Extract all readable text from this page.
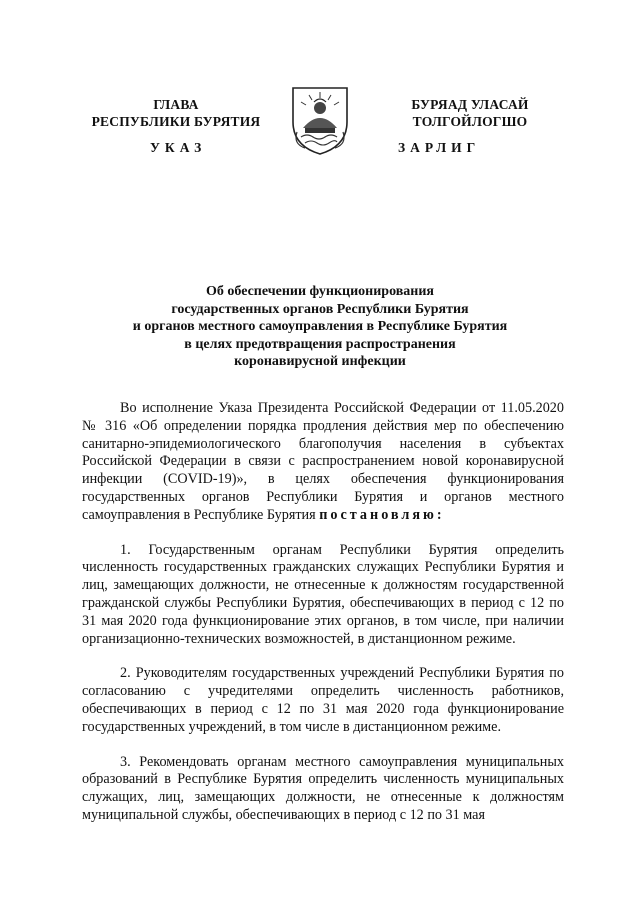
ГЛАВА
РЕСПУБЛИКИ БУРЯТИЯ
УКАЗ
БУРЯАД УЛАСАЙ
ТОЛГОЙЛОГШО
ЗАРЛИГ
Об обеспечении функционирования
государственных органов Республики Бурятия
и органов местного самоуправления в Республике Бурятия
в целях предотвращения распространения
коронавирусной инфекции

Во исполнение Указа Президента Российской Федерации от 11.05.2020 № 316 «Об определении порядка продления действия мер по обеспечению санитарно-эпидемиологического благополучия населения в субъектах Российской Федерации в связи с распространением новой коронавирусной инфекции (COVID-19)», в целях обеспечения функционирования государственных органов Республики Бурятия и органов местного самоуправления в Республике Бурятия постановляю:

1. Государственным органам Республики Бурятия определить численность государственных гражданских служащих Республики Бурятия и лиц, замещающих должности, не отнесенные к должностям государственной гражданской службы Республики Бурятия, обеспечивающих в период с 12 по 31 мая 2020 года функционирование этих органов, в том числе, при наличии организационно-технических возможностей, в дистанционном режиме.

2. Руководителям государственных учреждений Республики Бурятия по согласованию с учредителями определить численность работников, обеспечивающих в период с 12 по 31 мая 2020 года функционирование государственных учреждений, в том числе в дистанционном режиме.

3. Рекомендовать органам местного самоуправления муниципальных образований в Республике Бурятия определить численность муниципальных служащих, лиц, замещающих должности, не отнесенные к должностям муниципальной службы, обеспечивающих в период с 12 по 31 мая
